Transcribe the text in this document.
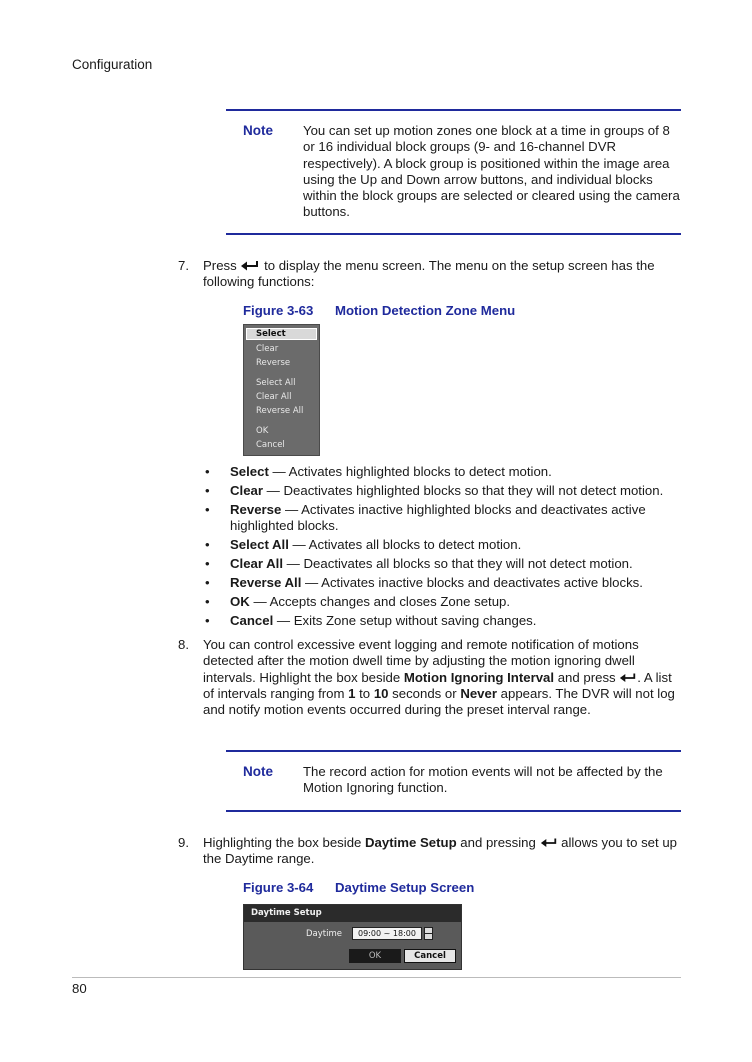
Configuration
Note You can set up motion zones one block at a time in groups of 8
or 16 individual block groups (9- and 16-channel DVR
respectively). A block group is positioned within the image area
using the Up and Down arrow buttons, and individual blocks
within the block groups are selected or cleared using the camera
buttons.
7. Press to display the menu screen. The menu on the setup screen has the
following functions:
Figure 3-63 Motion Detection Zone Menu
Select
Clear
Reverse
Select All
Clear All
Reverse All
OK
Cancel
• Select — Activates highlighted blocks to detect motion.
• Clear — Deactivates highlighted blocks so that they will not detect motion.
• Reverse — Activates inactive highlighted blocks and deactivates active
highlighted blocks.
• Select All — Activates all blocks to detect motion.
• Clear All — Deactivates all blocks so that they will not detect motion.
• Reverse All — Activates inactive blocks and deactivates active blocks.
• OK — Accepts changes and closes Zone setup.
• Cancel — Exits Zone setup without saving changes.
8. You can control excessive event logging and remote notification of motions
detected after the motion dwell time by adjusting the motion ignoring dwell
intervals. Highlight the box beside Motion Ignoring Interval and press . A list
of intervals ranging from 1 to 10 seconds or Never appears. The DVR will not log
and notify motion events occurred during the preset interval range.
Note The record action for motion events will not be affected by the
Motion Ignoring function.
9. Highlighting the box beside Daytime Setup and pressing allows you to set up
the Daytime range.
Figure 3-64 Daytime Setup Screen
Daytime Setup
Daytime	09:00 ~ 18:00
OK	Cancel
80
